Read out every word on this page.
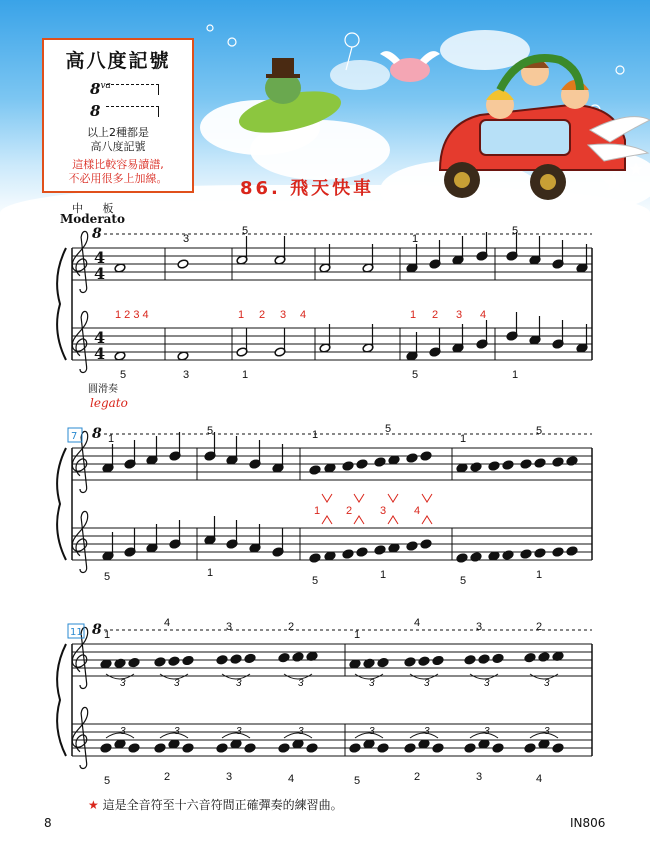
高八度記號
$8^{va}$
8
以上2種都是
高八度記號
這樣比較容易讀譜,
不必用很多上加線。	86. 飛天快車
中 板
Moderato
8
8
8
4
4
4
4
3	3	3	3	3	3	3	3
3	3	3	3	3	3	3	3
3
5
1
5
5	3	1	5	1
1 2 3 4	1 2 3 4	1 2 3 4
1
5	1	5
1
5
5	1
5	1	5	1
1 2	3	4
1
4	3	2
1
4	3	2
5	2	3	4	5	2	3	4
圓滑奏
legato
7
11
★ 這是全音符至十六音符間正確彈奏的練習曲。
8	IN806
